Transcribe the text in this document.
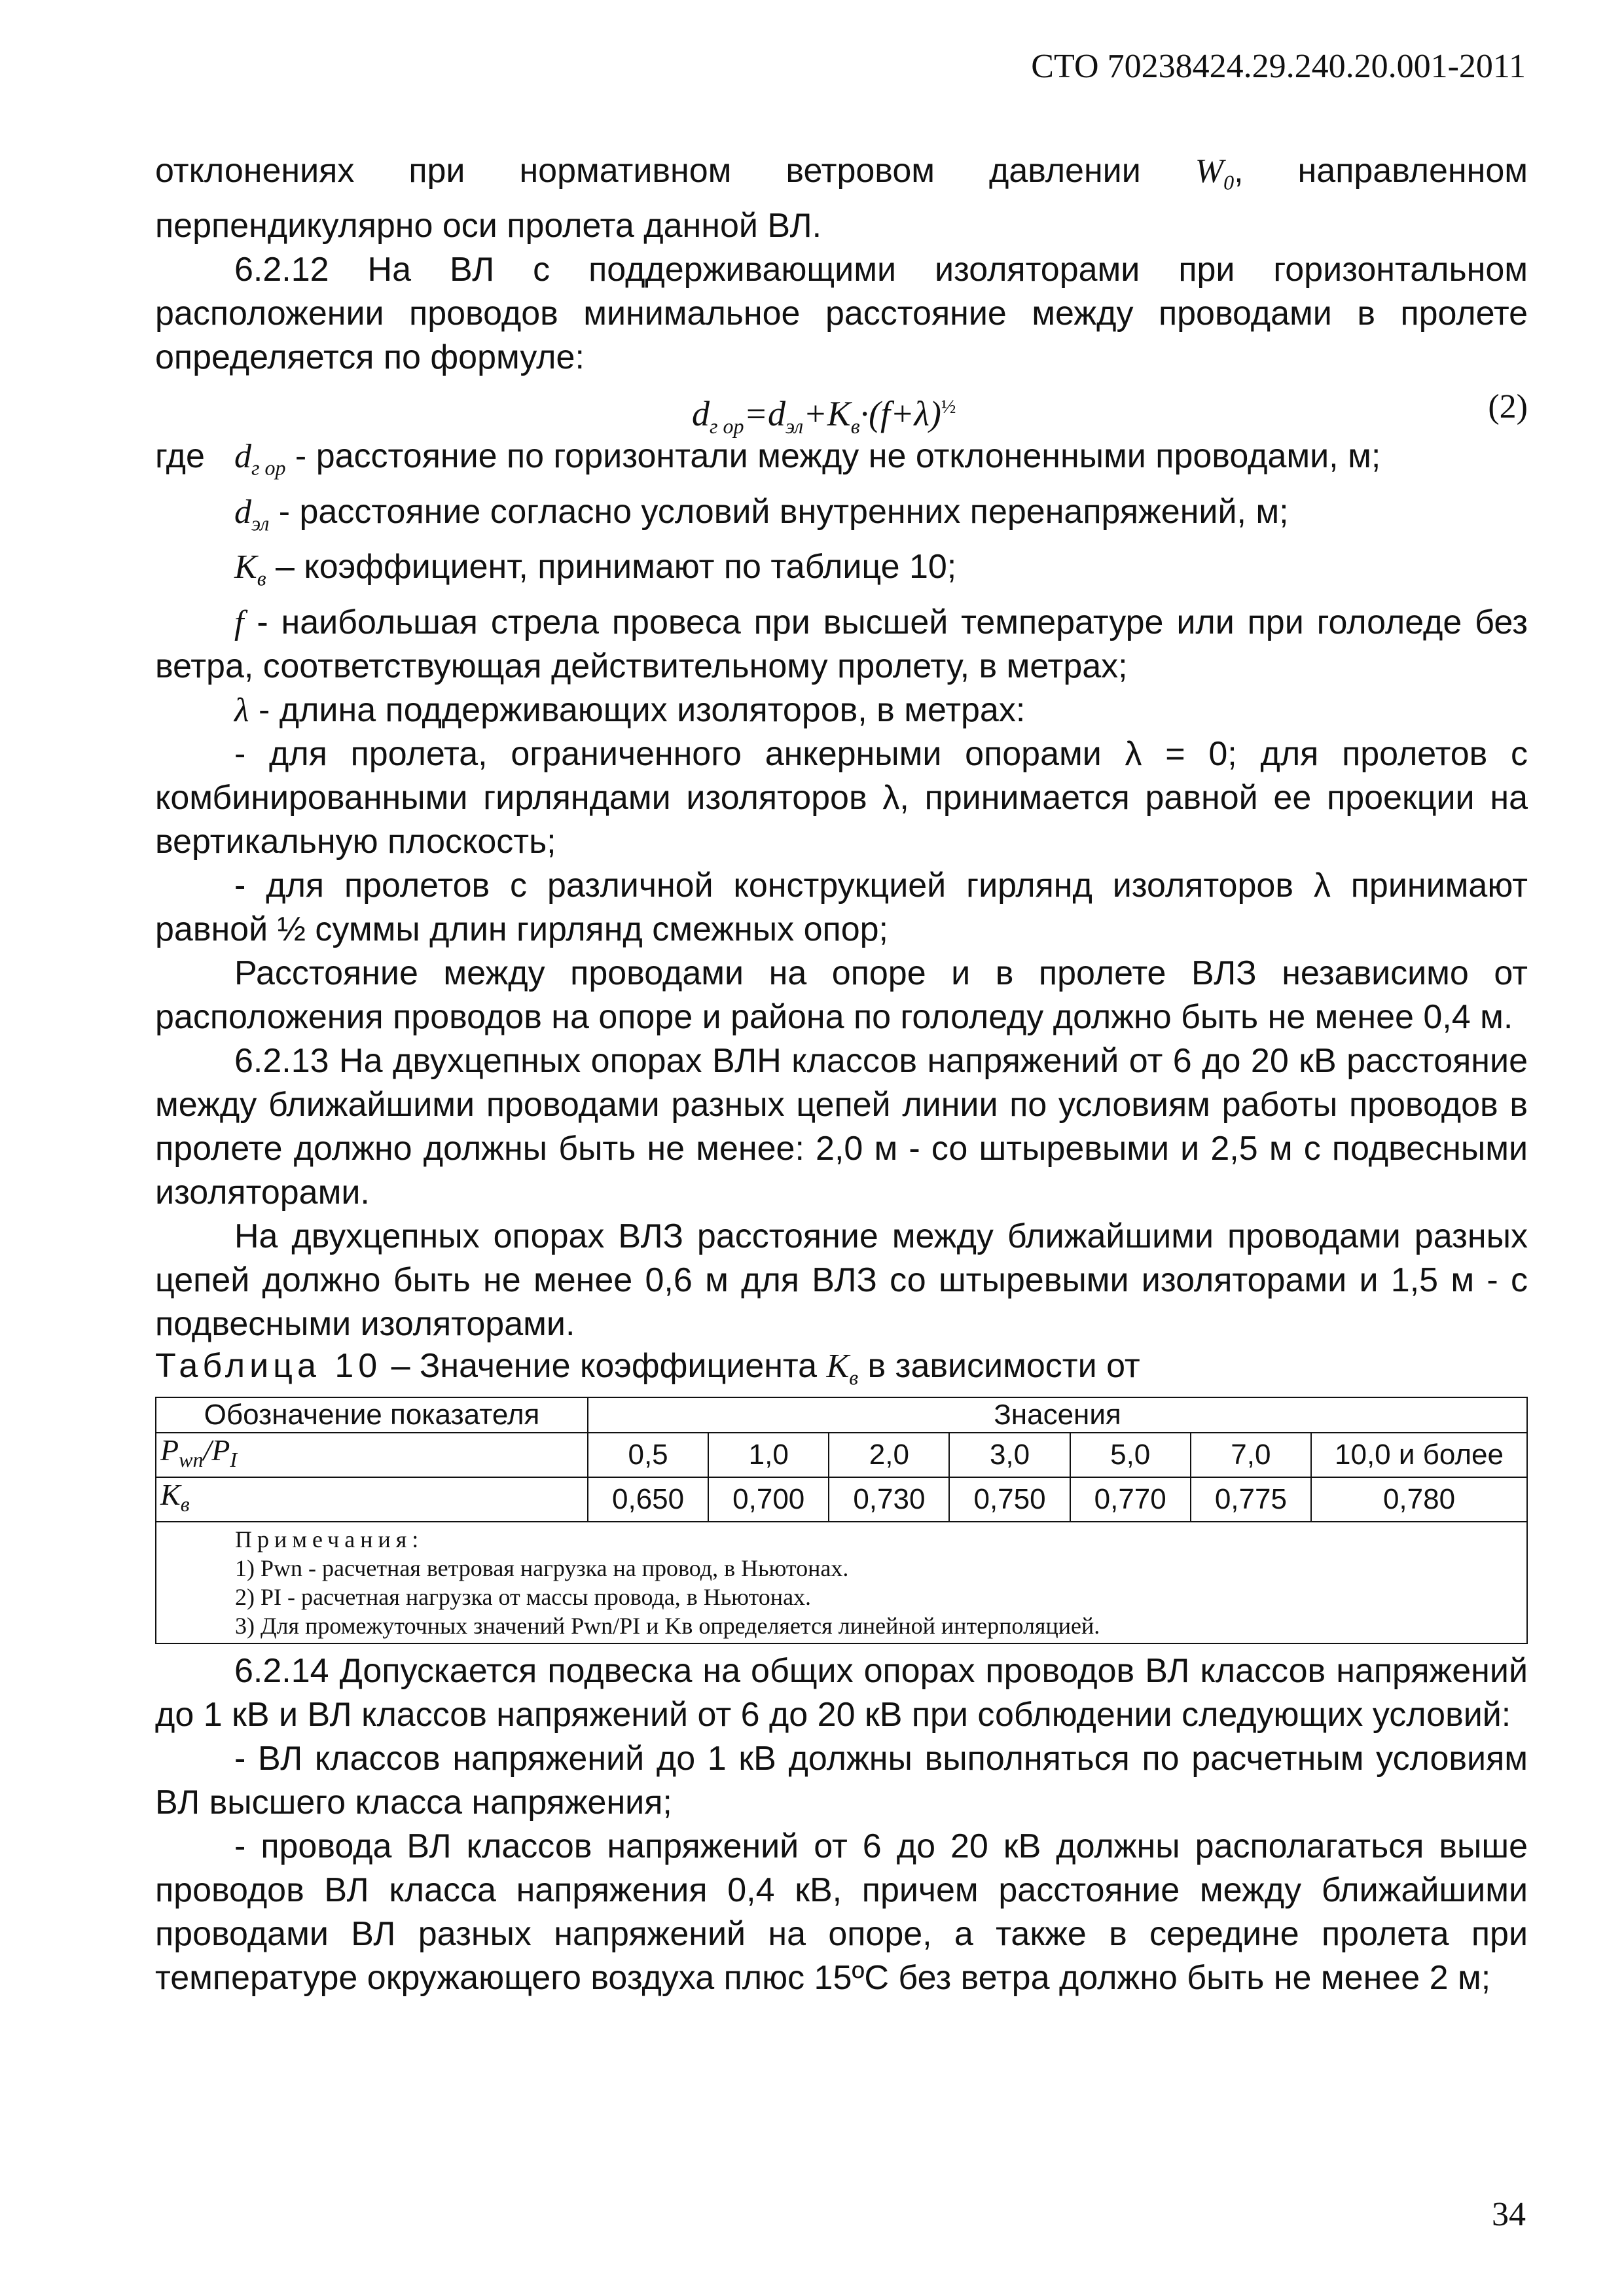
СТО 70238424.29.240.20.001-2011

отклонениях при нормативном ветровом давлении $W_0$, направленном перпендикулярно оси пролета данной ВЛ.

6.2.12 На ВЛ с поддерживающими изоляторами при горизонтальном расположении проводов минимальное расстояние между проводами в пролете определяется по формуле:

$d_{г ор}=d_{эл}+K_в\cdot(f+\lambda)^{\frac{1}{2}}$	(2)
где $d_{г ор}$ - расстояние по горизонтали между не отклоненными проводами, м;

$d_{эл}$ - расстояние согласно условий внутренних перенапряжений, м;

$K_в$ – коэффициент, принимают по таблице 10;

f - наибольшая стрела провеса при высшей температуре или при гололеде без ветра, соответствующая действительному пролету, в метрах;

λ - длина поддерживающих изоляторов, в метрах:

- для пролета, ограниченного анкерными опорами λ = 0; для пролетов с комбинированными гирляндами изоляторов λ, принимается равной ее проекции на вертикальную плоскость;

- для пролетов с различной конструкцией гирлянд изоляторов λ принимают равной ½ суммы длин гирлянд смежных опор;

Расстояние между проводами на опоре и в пролете ВЛЗ независимо от расположения проводов на опоре и района по гололеду должно быть не менее 0,4 м.

6.2.13 На двухцепных опорах ВЛН классов напряжений от 6 до 20 кВ расстояние между ближайшими проводами разных цепей линии по условиям работы проводов в пролете должно должны быть не менее: 2,0 м - со штыревыми и 2,5 м с подвесными изоляторами.

На двухцепных опорах ВЛЗ расстояние между ближайшими проводами разных цепей должно быть не менее 0,6 м для ВЛЗ со штыревыми изоляторами и 1,5 м - с подвесными изоляторами.

Таблица 10 – Значение коэффициента $K_в$ в зависимости от
Обозначение показателя	Знасения						
$P_{wn}/P_I$	0,5	1,0	2,0	3,0	5,0	7,0	10,0 и более
$K_в$	0,650	0,700	0,730	0,750	0,770	0,775	0,780

Примечания:
1) Pwn - расчетная ветровая нагрузка на провод, в Ньютонах.
2) PI - расчетная нагрузка от массы провода, в Ньютонах.
3) Для промежуточных значений Pwn/PI и Kв определяется линейной интерполяцией.							

6.2.14 Допускается подвеска на общих опорах проводов ВЛ классов напряжений до 1 кВ и ВЛ классов напряжений от 6 до 20 кВ при соблюдении следующих условий:

- ВЛ классов напряжений до 1 кВ должны выполняться по расчетным условиям ВЛ высшего класса напряжения;

- провода ВЛ классов напряжений от 6 до 20 кВ должны располагаться выше проводов ВЛ класса напряжения 0,4 кВ, причем расстояние между ближайшими проводами ВЛ разных напряжений на опоре, а также в середине пролета при температуре окружающего воздуха плюс 15ºС без ветра должно быть не менее 2 м;

34
